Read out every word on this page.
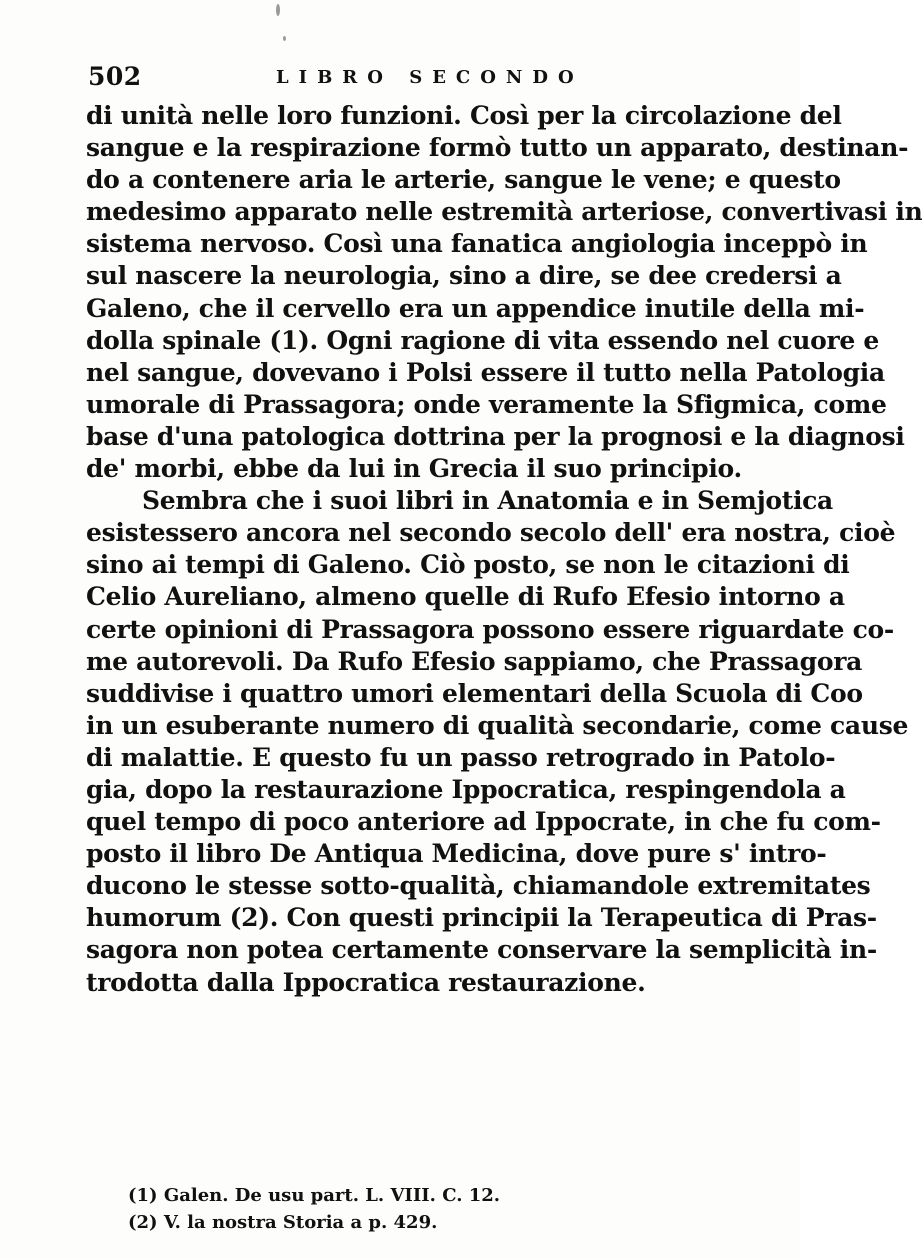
502	LIBRO SECONDO
di unità nelle loro funzioni. Così per la circolazione del
sangue e la respirazione formò tutto un apparato, destinan-
do a contenere aria le arterie, sangue le vene; e questo
medesimo apparato nelle estremità arteriose, convertivasi in
sistema nervoso. Così una fanatica angiologia inceppò in
sul nascere la neurologia, sino a dire, se dee credersi a
Galeno, che il cervello era un appendice inutile della mi-
dolla spinale (1). Ogni ragione di vita essendo nel cuore e
nel sangue, dovevano i Polsi essere il tutto nella Patologia
umorale di Prassagora; onde veramente la Sfigmica, come
base d'una patologica dottrina per la prognosi e la diagnosi
de' morbi, ebbe da lui in Grecia il suo principio.
Sembra che i suoi libri in Anatomia e in Semjotica
esistessero ancora nel secondo secolo dell' era nostra, cioè
sino ai tempi di Galeno. Ciò posto, se non le citazioni di
Celio Aureliano, almeno quelle di Rufo Efesio intorno a
certe opinioni di Prassagora possono essere riguardate co-
me autorevoli. Da Rufo Efesio sappiamo, che Prassagora
suddivise i quattro umori elementari della Scuola di Coo
in un esuberante numero di qualità secondarie, come cause
di malattie. E questo fu un passo retrogrado in Patolo-
gia, dopo la restaurazione Ippocratica, respingendola a
quel tempo di poco anteriore ad Ippocrate, in che fu com-
posto il libro De Antiqua Medicina, dove pure s' intro-
ducono le stesse sotto-qualità, chiamandole extremitates
humorum (2). Con questi principii la Terapeutica di Pras-
sagora non potea certamente conservare la semplicità in-
trodotta dalla Ippocratica restaurazione.
(1) Galen. De usu part. L. VIII. C. 12.
(2) V. la nostra Storia a p. 429.
